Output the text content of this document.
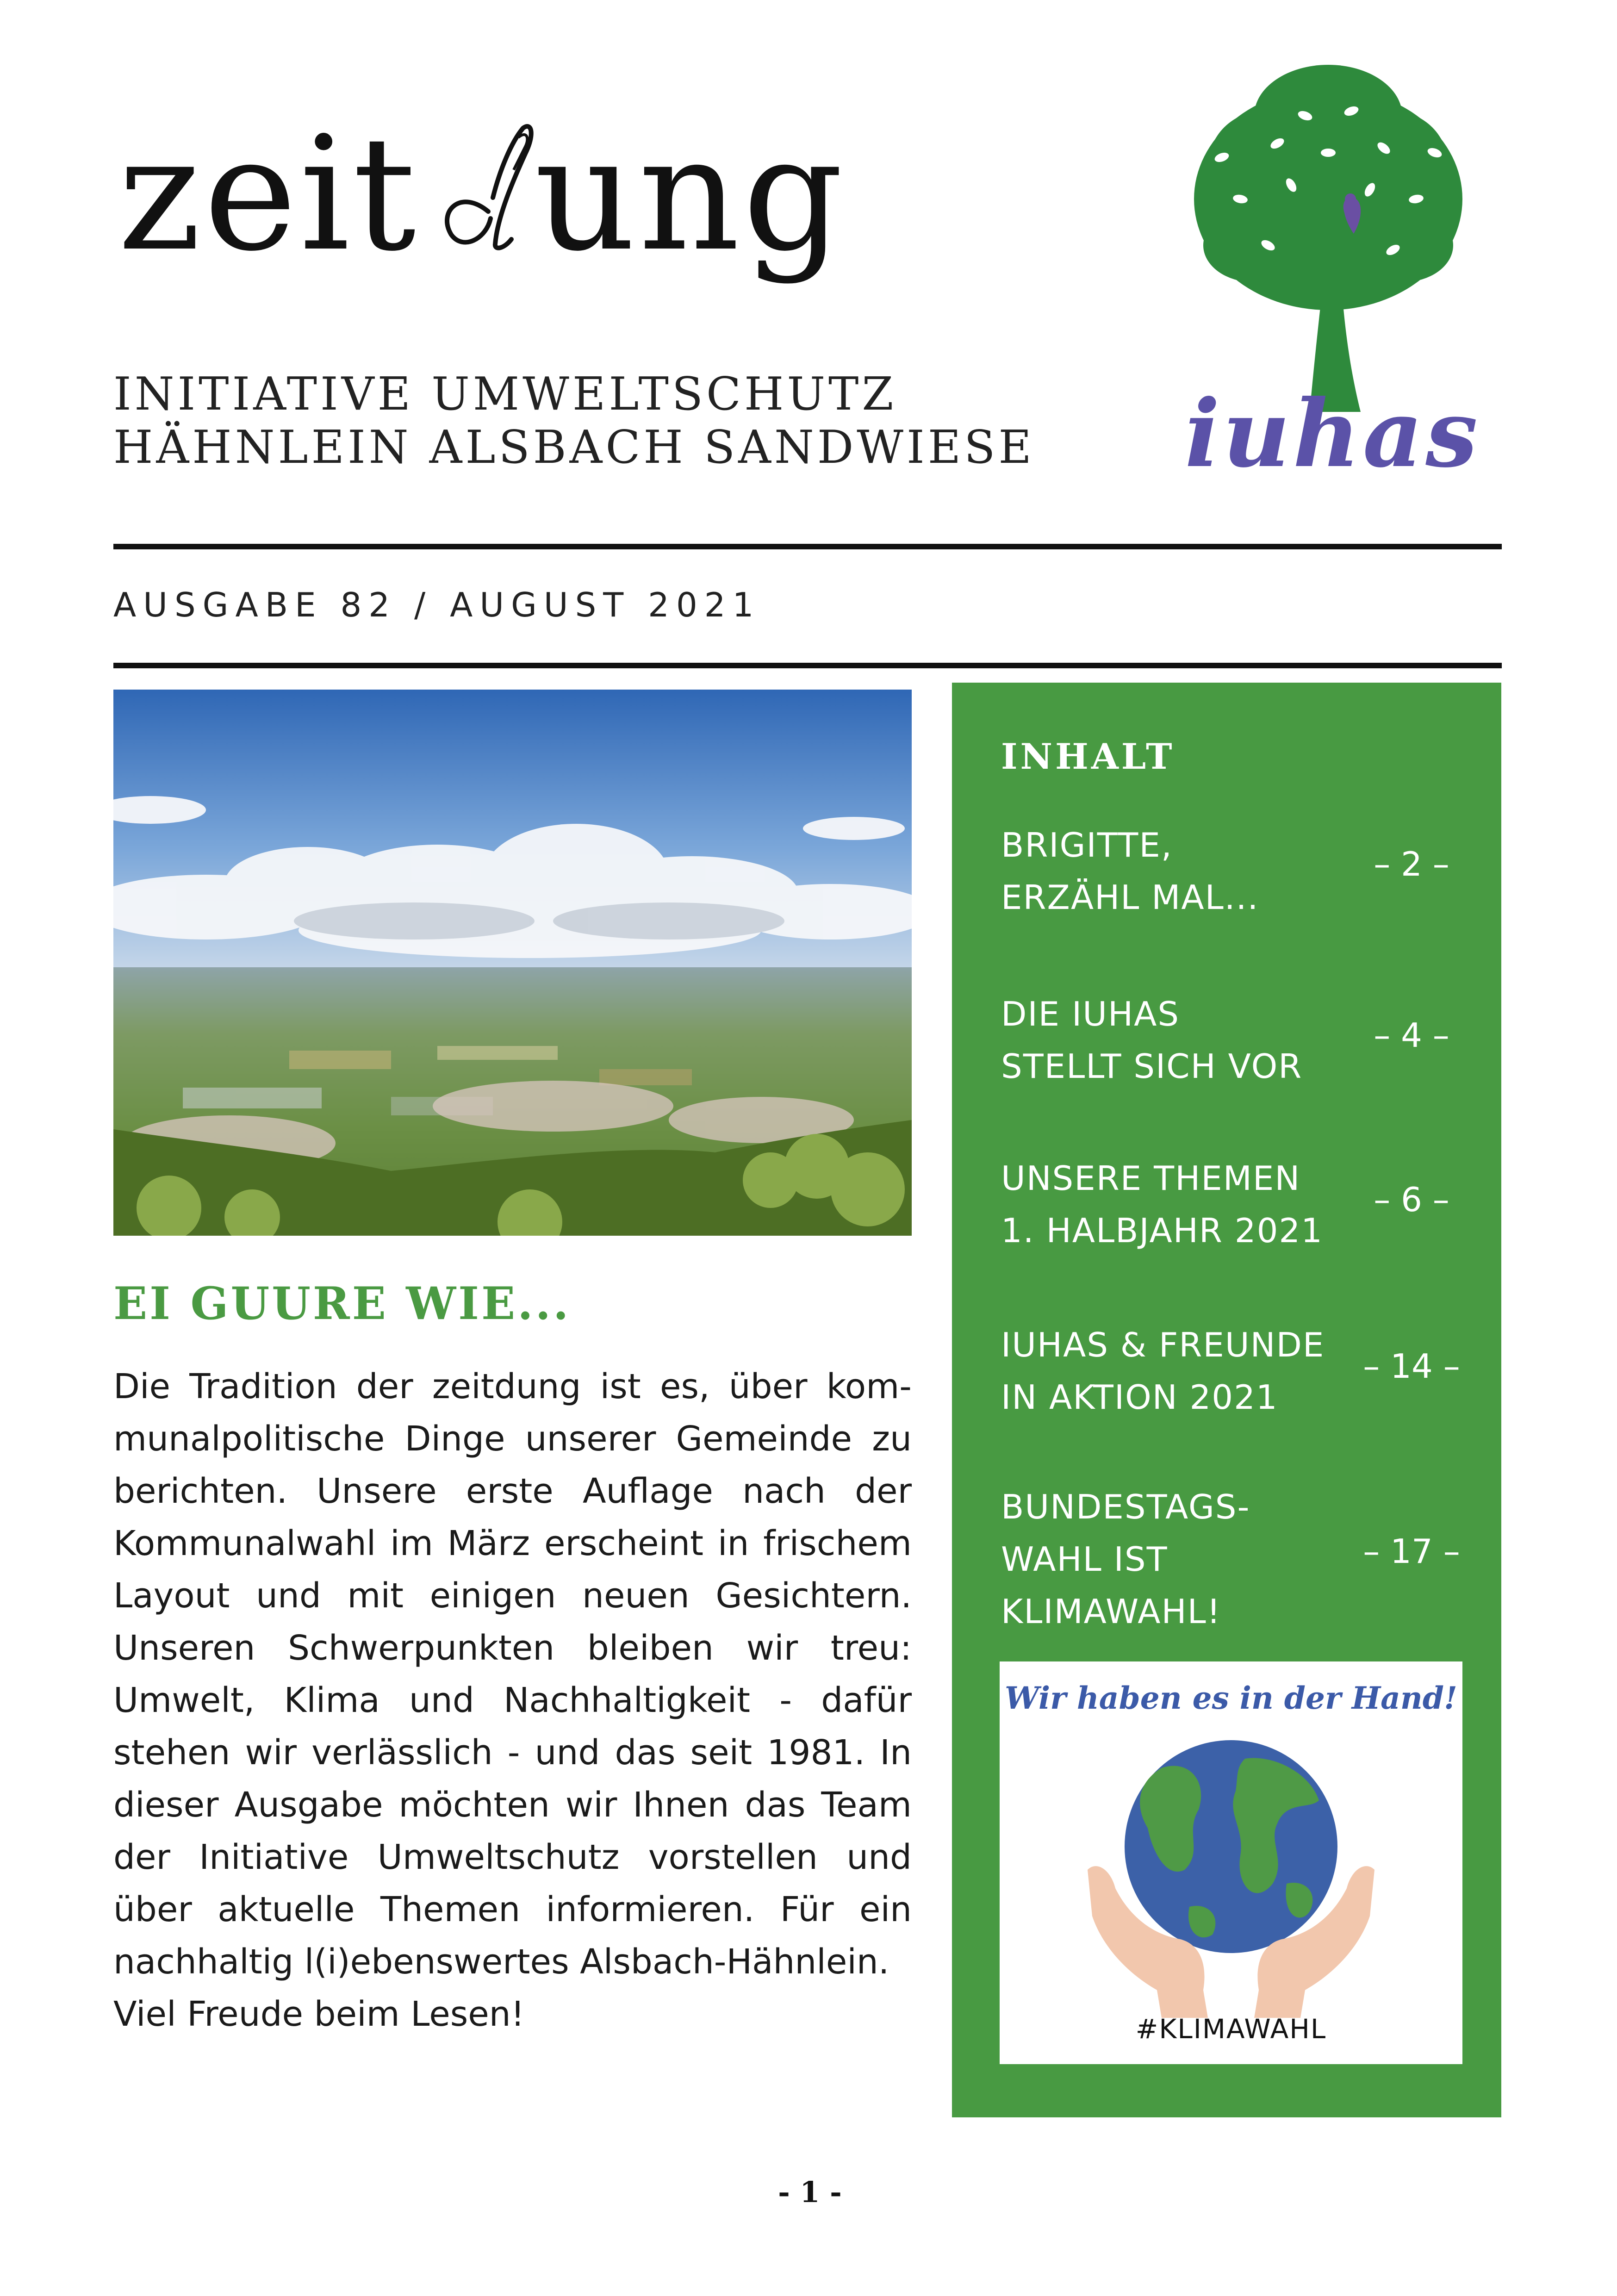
zeit ung
INITIATIVE UMWELTSCHUTZ
HÄHNLEIN ALSBACH SANDWIESE iuhas
AUSGABE 82 / AUGUST 2021
EI GUURE WIE...

Die Tradition der zeitdung ist es, über kommunalpolitische Dinge unserer Gemeinde zu berichten. Unsere erste Auflage nach der Kommunalwahl im März erscheint in frischem Layout und mit einigen neuen Gesichtern. Unseren Schwerpunkten bleiben wir treu: Umwelt, Klima und Nachhaltigkeit - dafür stehen wir verlässlich - und das seit 1981. In dieser Ausgabe möchten wir Ihnen das Team der Initiative Umweltschutz vorstellen und über aktuelle Themen informieren. Für ein nachhaltig l(i)ebenswertes Alsbach-Hähnlein.

Viel Freude beim Lesen!

INHALT
BRIGITTE,
ERZÄHL MAL...
– 2 –
DIE IUHAS
STELLT SICH VOR
– 4 –
UNSERE THEMEN
1. HALBJAHR 2021
– 6 –
IUHAS & FREUNDE
IN AKTION 2021
– 14 –
BUNDESTAGS-
WAHL IST
KLIMAWAHL!
– 17 –
Wir haben es in der Hand!
#KLIMAWAHL
- 1 -
